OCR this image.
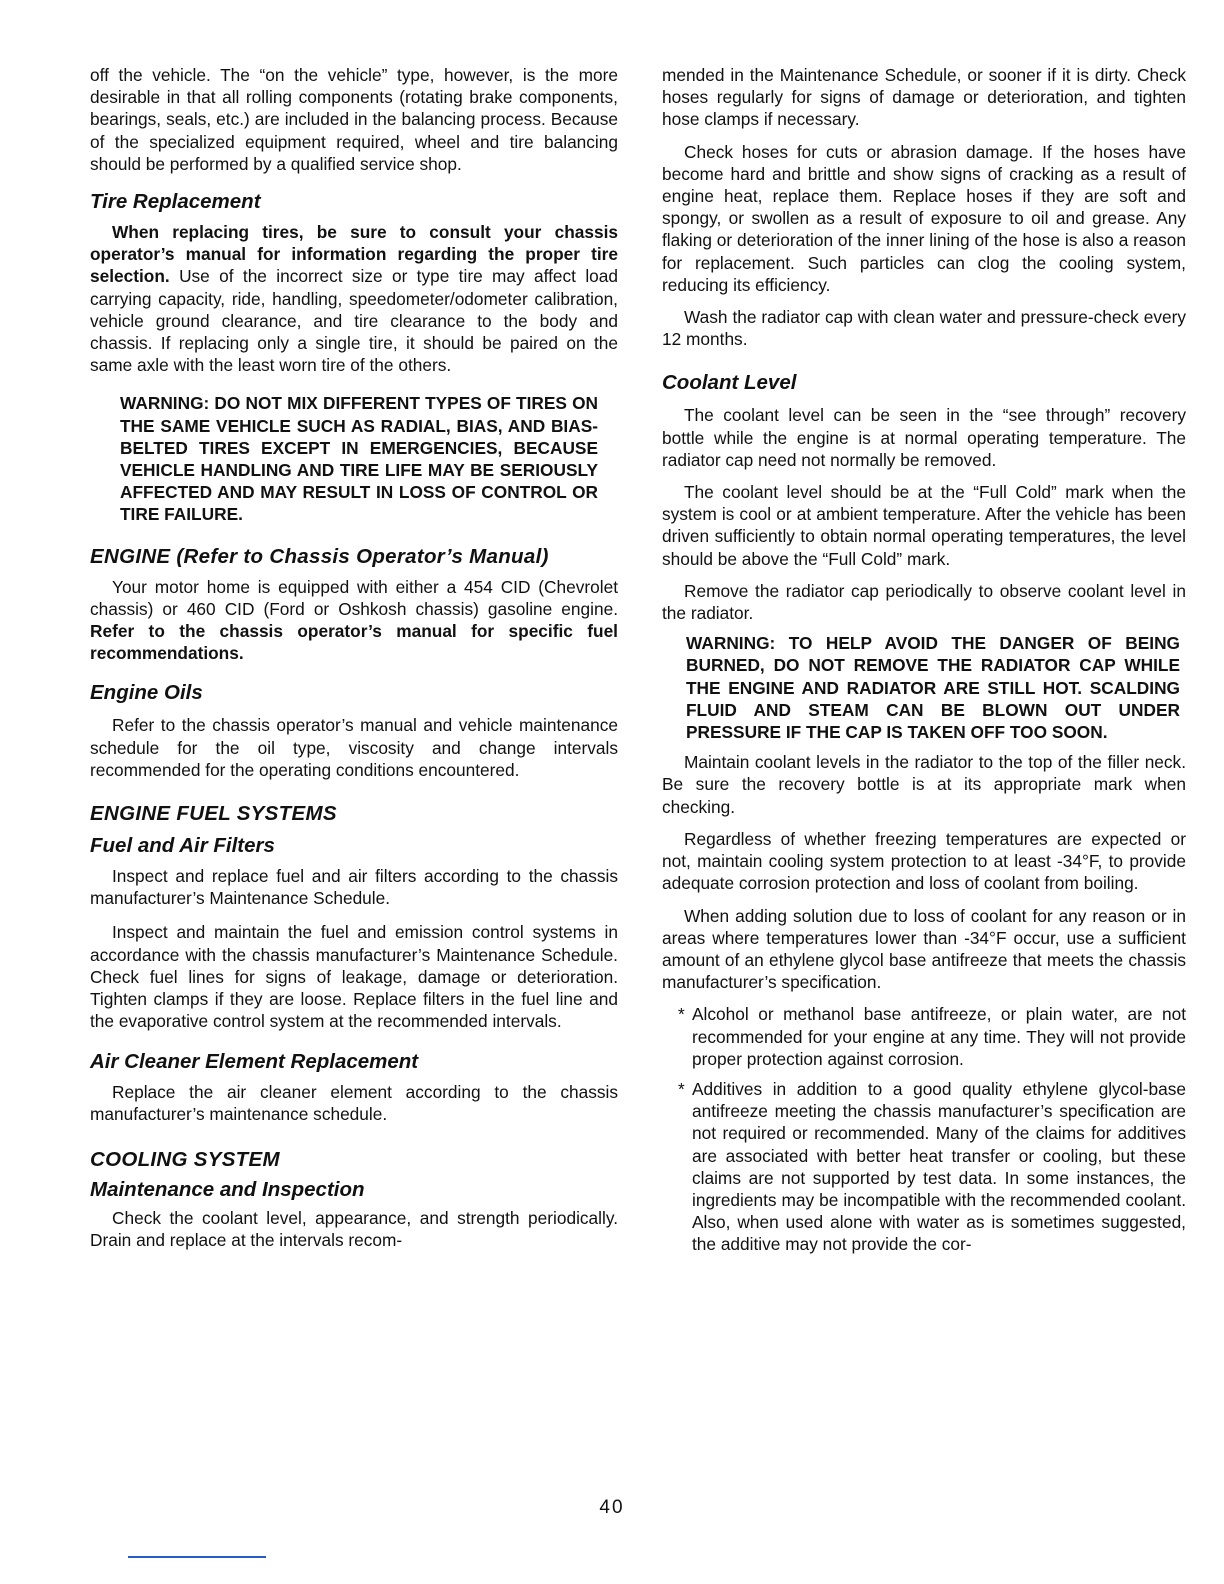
off the vehicle. The “on the vehicle” type, however, is the more desirable in that all rolling components (rotating brake components, bearings, seals, etc.) are included in the balancing process. Because of the specialized equipment required, wheel and tire balancing should be performed by a qualified service shop.

Tire Replacement

When replacing tires, be sure to consult your chassis operator’s manual for information regarding the proper tire selection. Use of the incorrect size or type tire may affect load carrying capacity, ride, handling, speedometer/odometer calibration, vehicle ground clearance, and tire clearance to the body and chassis. If replacing only a single tire, it should be paired on the same axle with the least worn tire of the others.

WARNING: DO NOT MIX DIFFERENT TYPES OF TIRES ON THE SAME VEHICLE SUCH AS RADIAL, BIAS, AND BIAS-BELTED TIRES EXCEPT IN EMERGENCIES, BECAUSE VEHICLE HANDLING AND TIRE LIFE MAY BE SERIOUSLY AFFECTED AND MAY RESULT IN LOSS OF CONTROL OR TIRE FAILURE.

ENGINE (Refer to Chassis Operator’s Manual)

Your motor home is equipped with either a 454 CID (Chevrolet chassis) or 460 CID (Ford or Oshkosh chassis) gasoline engine. Refer to the chassis operator’s manual for specific fuel recommendations.

Engine Oils

Refer to the chassis operator’s manual and vehicle maintenance schedule for the oil type, viscosity and change intervals recommended for the operating conditions encountered.

ENGINE FUEL SYSTEMS
Fuel and Air Filters

Inspect and replace fuel and air filters according to the chassis manufacturer’s Maintenance Schedule.

Inspect and maintain the fuel and emission control systems in accordance with the chassis manufacturer’s Maintenance Schedule. Check fuel lines for signs of leakage, damage or deterioration. Tighten clamps if they are loose. Replace filters in the fuel line and the evaporative control system at the recommended intervals.

Air Cleaner Element Replacement

Replace the air cleaner element according to the chassis manufacturer’s maintenance schedule.

COOLING SYSTEM
Maintenance and Inspection

Check the coolant level, appearance, and strength periodically. Drain and replace at the intervals recom-

mended in the Maintenance Schedule, or sooner if it is dirty. Check hoses regularly for signs of damage or deterioration, and tighten hose clamps if necessary.

Check hoses for cuts or abrasion damage. If the hoses have become hard and brittle and show signs of cracking as a result of engine heat, replace them. Replace hoses if they are soft and spongy, or swollen as a result of exposure to oil and grease. Any flaking or deterioration of the inner lining of the hose is also a reason for replacement. Such particles can clog the cooling system, reducing its efficiency.

Wash the radiator cap with clean water and pressure-check every 12 months.

Coolant Level

The coolant level can be seen in the “see through” recovery bottle while the engine is at normal operating temperature. The radiator cap need not normally be removed.

The coolant level should be at the “Full Cold” mark when the system is cool or at ambient temperature. After the vehicle has been driven sufficiently to obtain normal operating temperatures, the level should be above the “Full Cold” mark.

Remove the radiator cap periodically to observe coolant level in the radiator.

WARNING: TO HELP AVOID THE DANGER OF BEING BURNED, DO NOT REMOVE THE RADIATOR CAP WHILE THE ENGINE AND RADIATOR ARE STILL HOT. SCALDING FLUID AND STEAM CAN BE BLOWN OUT UNDER PRESSURE IF THE CAP IS TAKEN OFF TOO SOON.

Maintain coolant levels in the radiator to the top of the filler neck. Be sure the recovery bottle is at its appropriate mark when checking.

Regardless of whether freezing temperatures are expected or not, maintain cooling system protection to at least -34°F, to provide adequate corrosion protection and loss of coolant from boiling.

When adding solution due to loss of coolant for any reason or in areas where temperatures lower than -34°F occur, use a sufficient amount of an ethylene glycol base antifreeze that meets the chassis manufacturer’s specification.

* Alcohol or methanol base antifreeze, or plain water, are not recommended for your engine at any time. They will not provide proper protection against corrosion.
* Additives in addition to a good quality ethylene glycol-base antifreeze meeting the chassis manufacturer’s specification are not required or recommended. Many of the claims for additives are associated with better heat transfer or cooling, but these claims are not supported by test data. In some instances, the ingredients may be incompatible with the recommended coolant. Also, when used alone with water as is sometimes suggested, the additive may not provide the cor-
40
